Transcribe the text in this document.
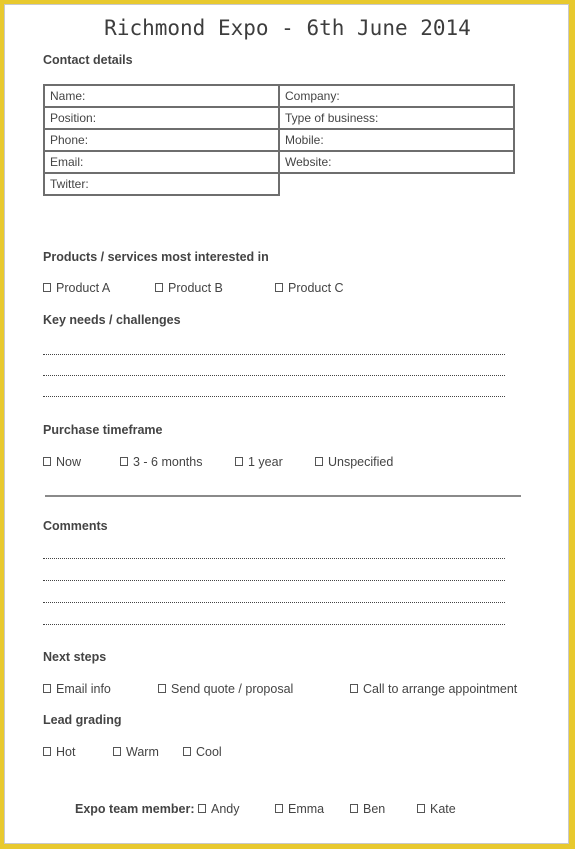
Richmond Expo - 6th June 2014
Contact details
Name:	Company:
Position:	Type of business:
Phone:	Mobile:
Email:	Website:
Twitter:	
Products / services most interested in
Product A	Product B	Product C
Key needs / challenges
Purchase timeframe
Now	3 - 6 months	1 year	Unspecified
Comments
Next steps
Email info	Send quote / proposal	Call to arrange appointment
Lead grading
Hot	Warm	Cool
Expo team member:	Andy	Emma	Ben	Kate
